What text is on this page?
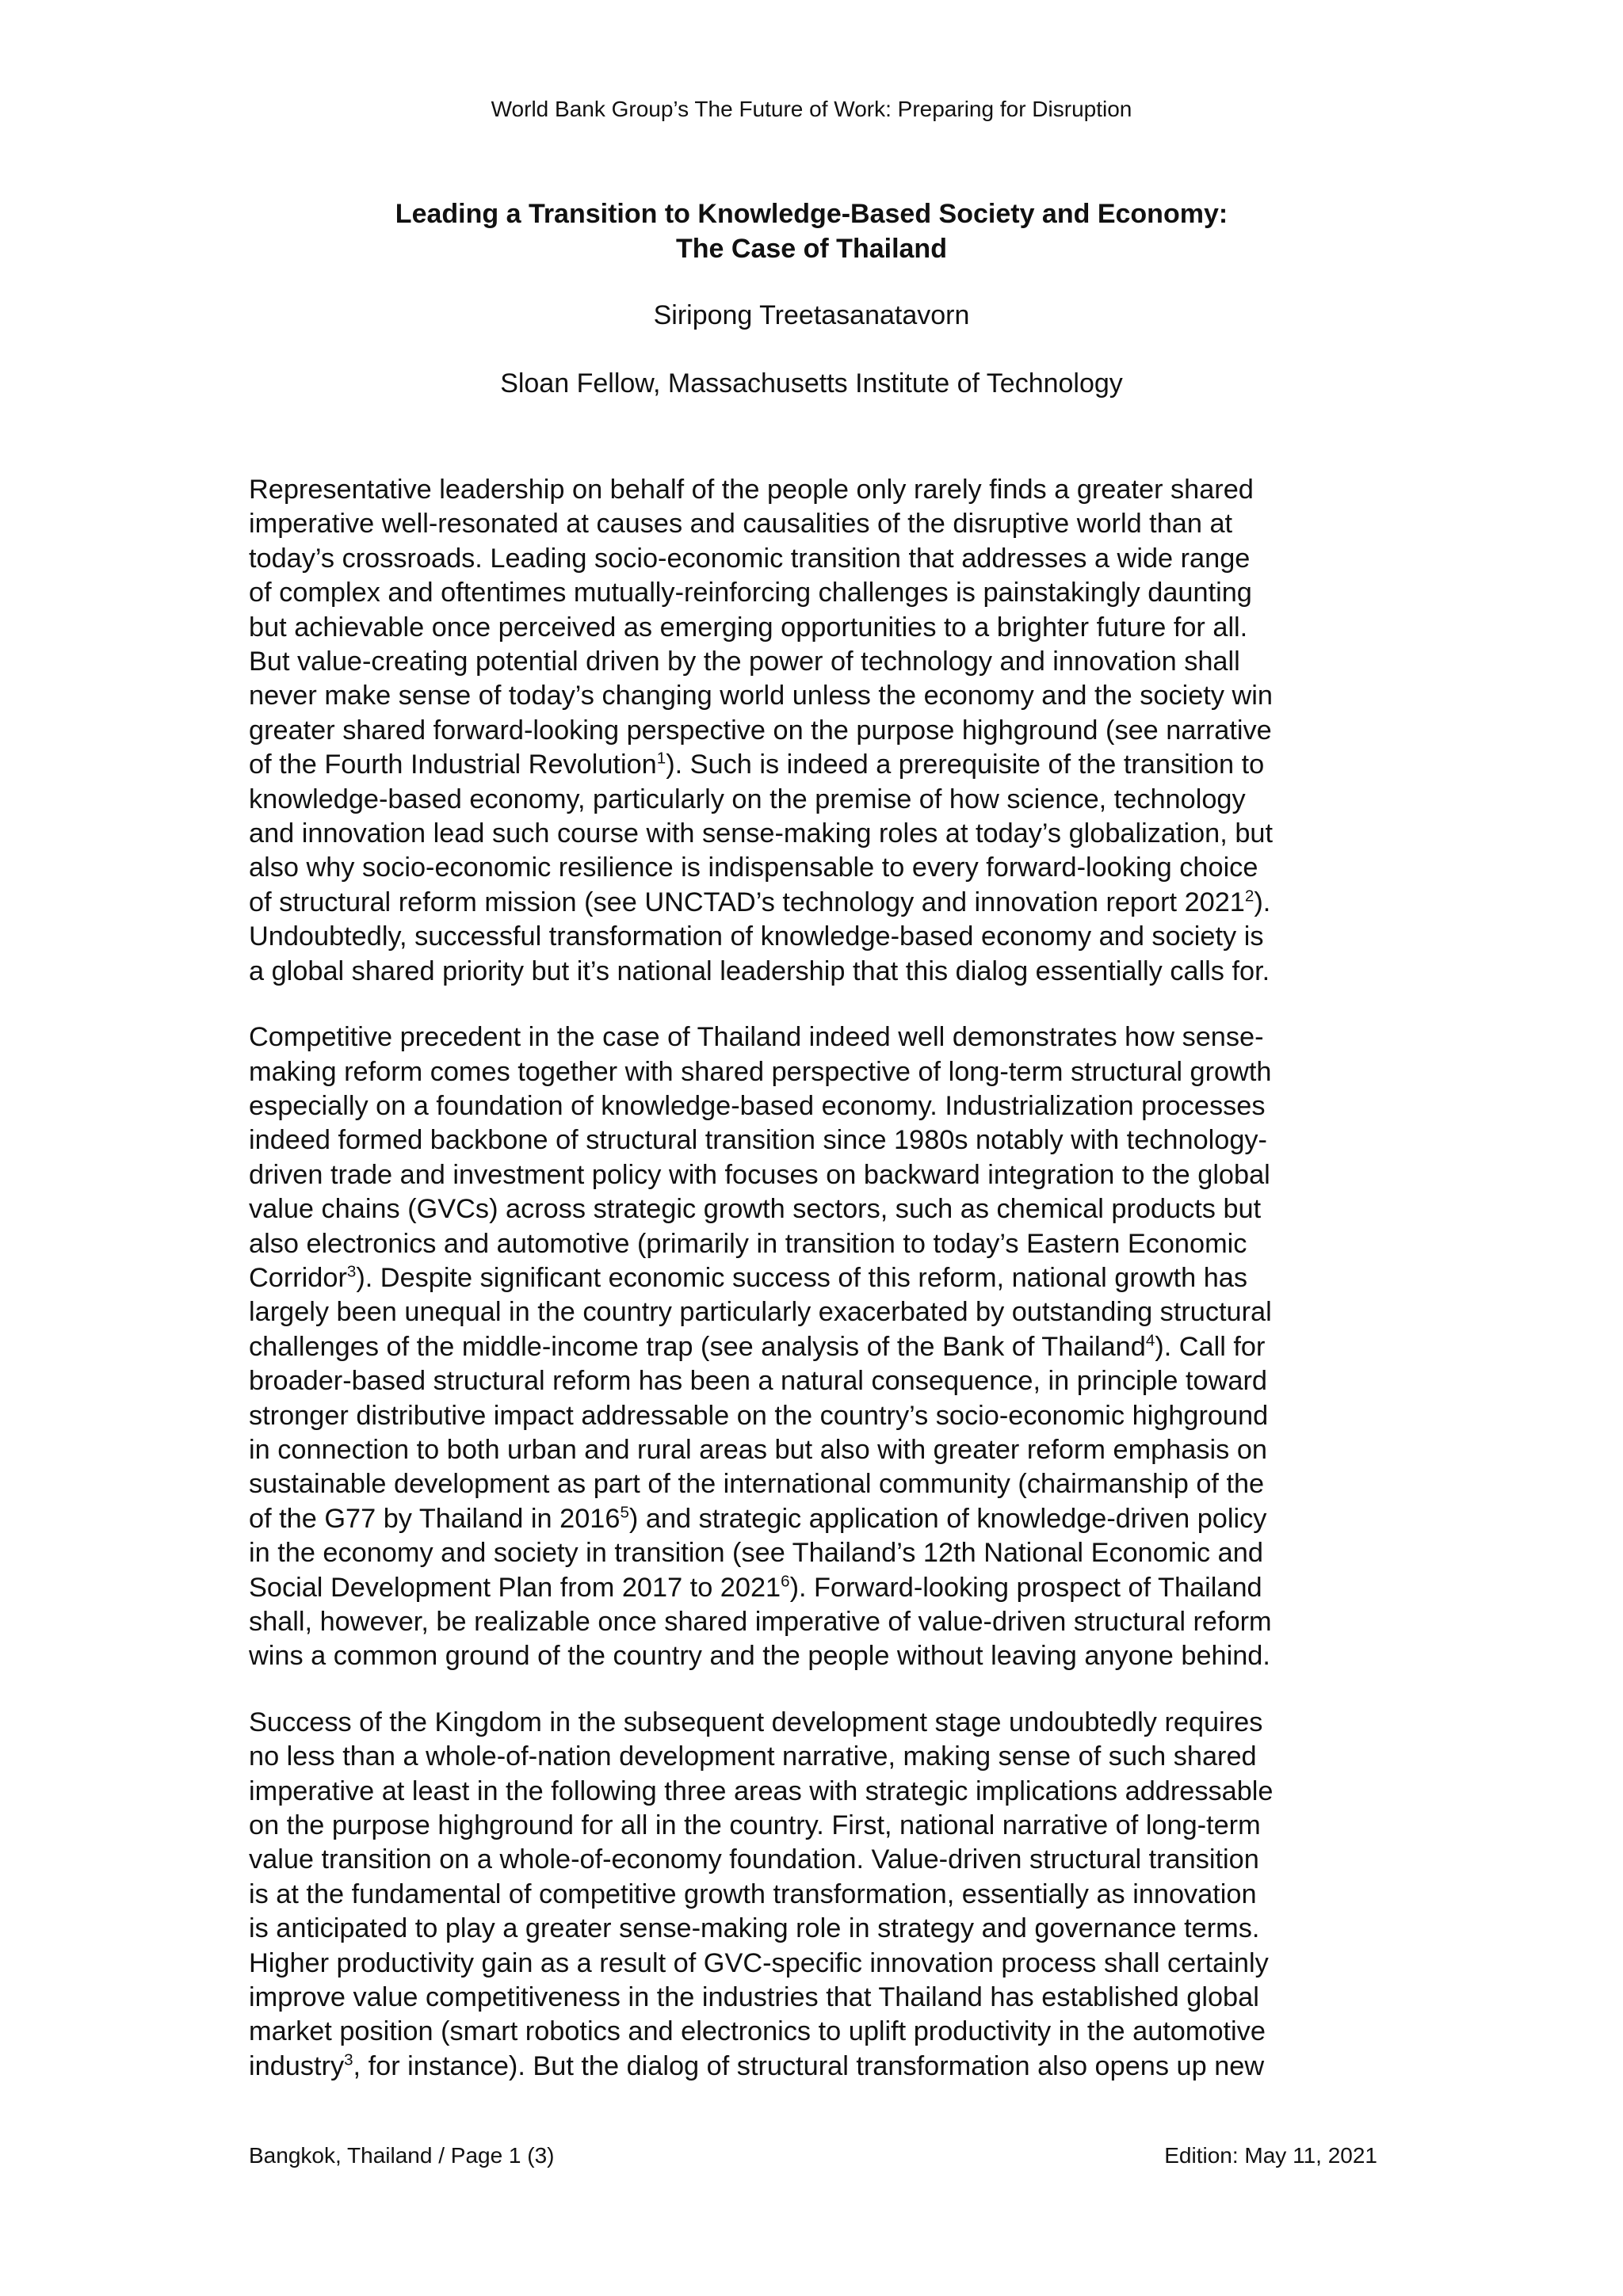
World Bank Group’s The Future of Work: Preparing for Disruption
Leading a Transition to Knowledge-Based Society and Economy:
The Case of Thailand
Siripong Treetasanatavorn
Sloan Fellow, Massachusetts Institute of Technology

Representative leadership on behalf of the people only rarely finds a greater shared
imperative well-resonated at causes and causalities of the disruptive world than at
today’s crossroads. Leading socio-economic transition that addresses a wide range
of complex and oftentimes mutually-reinforcing challenges is painstakingly daunting
but achievable once perceived as emerging opportunities to a brighter future for all.
But value-creating potential driven by the power of technology and innovation shall
never make sense of today’s changing world unless the economy and the society win
greater shared forward-looking perspective on the purpose highground (see narrative
of the Fourth Industrial Revolution$^1$). Such is indeed a prerequisite of the transition to
knowledge-based economy, particularly on the premise of how science, technology
and innovation lead such course with sense-making roles at today’s globalization, but
also why socio-economic resilience is indispensable to every forward-looking choice
of structural reform mission (see UNCTAD’s technology and innovation report 2021$^2$).
Undoubtedly, successful transformation of knowledge-based economy and society is
a global shared priority but it’s national leadership that this dialog essentially calls for.

Competitive precedent in the case of Thailand indeed well demonstrates how sense-
making reform comes together with shared perspective of long-term structural growth
especially on a foundation of knowledge-based economy. Industrialization processes
indeed formed backbone of structural transition since 1980s notably with technology-
driven trade and investment policy with focuses on backward integration to the global
value chains (GVCs) across strategic growth sectors, such as chemical products but
also electronics and automotive (primarily in transition to today’s Eastern Economic
Corridor$^3$). Despite significant economic success of this reform, national growth has
largely been unequal in the country particularly exacerbated by outstanding structural
challenges of the middle-income trap (see analysis of the Bank of Thailand$^4$). Call for
broader-based structural reform has been a natural consequence, in principle toward
stronger distributive impact addressable on the country’s socio-economic highground
in connection to both urban and rural areas but also with greater reform emphasis on
sustainable development as part of the international community (chairmanship of the
of the G77 by Thailand in 2016$^5$) and strategic application of knowledge-driven policy
in the economy and society in transition (see Thailand’s 12th National Economic and
Social Development Plan from 2017 to 2021$^6$). Forward-looking prospect of Thailand
shall, however, be realizable once shared imperative of value-driven structural reform
wins a common ground of the country and the people without leaving anyone behind.

Success of the Kingdom in the subsequent development stage undoubtedly requires
no less than a whole-of-nation development narrative, making sense of such shared
imperative at least in the following three areas with strategic implications addressable
on the purpose highground for all in the country. First, national narrative of long-term
value transition on a whole-of-economy foundation. Value-driven structural transition
is at the fundamental of competitive growth transformation, essentially as innovation
is anticipated to play a greater sense-making role in strategy and governance terms.
Higher productivity gain as a result of GVC-specific innovation process shall certainly
improve value competitiveness in the industries that Thailand has established global
market position (smart robotics and electronics to uplift productivity in the automotive
industry$^3$, for instance). But the dialog of structural transformation also opens up new

Bangkok, Thailand / Page 1 (3)	Edition: May 11, 2021
